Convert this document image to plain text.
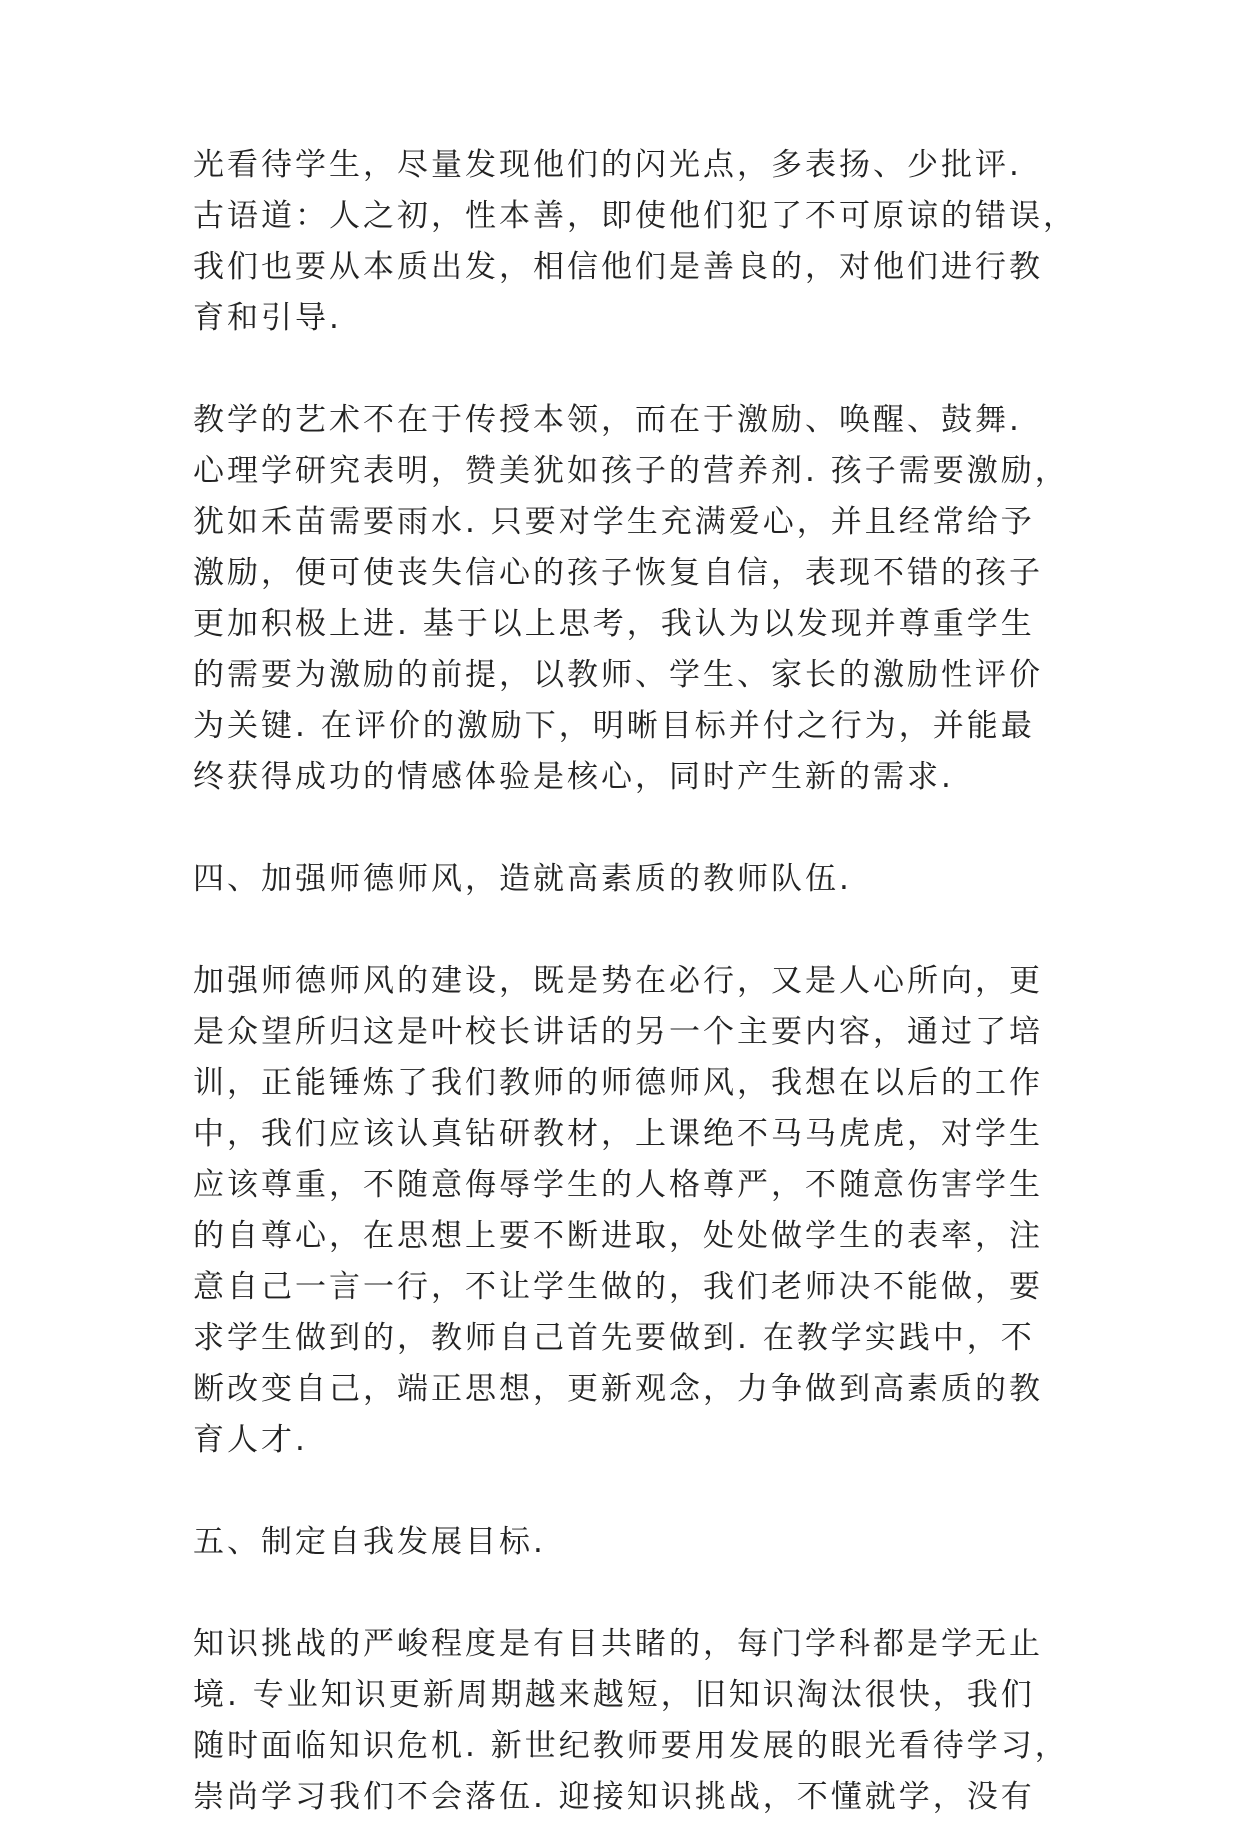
光看待学生，尽量发现他们的闪光点，多表扬、少批评.
古语道：人之初，性本善，即使他们犯了不可原谅的错误，
我们也要从本质出发，相信他们是善良的，对他们进行教
育和引导.
教学的艺术不在于传授本领，而在于激励、唤醒、鼓舞.
心理学研究表明，赞美犹如孩子的营养剂. 孩子需要激励，
犹如禾苗需要雨水. 只要对学生充满爱心，并且经常给予
激励，便可使丧失信心的孩子恢复自信，表现不错的孩子
更加积极上进. 基于以上思考，我认为以发现并尊重学生
的需要为激励的前提，以教师、学生、家长的激励性评价
为关键. 在评价的激励下，明晰目标并付之行为，并能最
终获得成功的情感体验是核心，同时产生新的需求.
四、加强师德师风，造就高素质的教师队伍.
加强师德师风的建设，既是势在必行，又是人心所向，更
是众望所归这是叶校长讲话的另一个主要内容，通过了培
训，正能锤炼了我们教师的师德师风，我想在以后的工作
中，我们应该认真钻研教材，上课绝不马马虎虎，对学生
应该尊重，不随意侮辱学生的人格尊严，不随意伤害学生
的自尊心，在思想上要不断进取，处处做学生的表率，注
意自己一言一行，不让学生做的，我们老师决不能做，要
求学生做到的，教师自己首先要做到. 在教学实践中，不
断改变自己，端正思想，更新观念，力争做到高素质的教
育人才.
五、制定自我发展目标.
知识挑战的严峻程度是有目共睹的，每门学科都是学无止
境. 专业知识更新周期越来越短，旧知识淘汰很快，我们
随时面临知识危机. 新世纪教师要用发展的眼光看待学习，
崇尚学习我们不会落伍. 迎接知识挑战，不懂就学，没有
